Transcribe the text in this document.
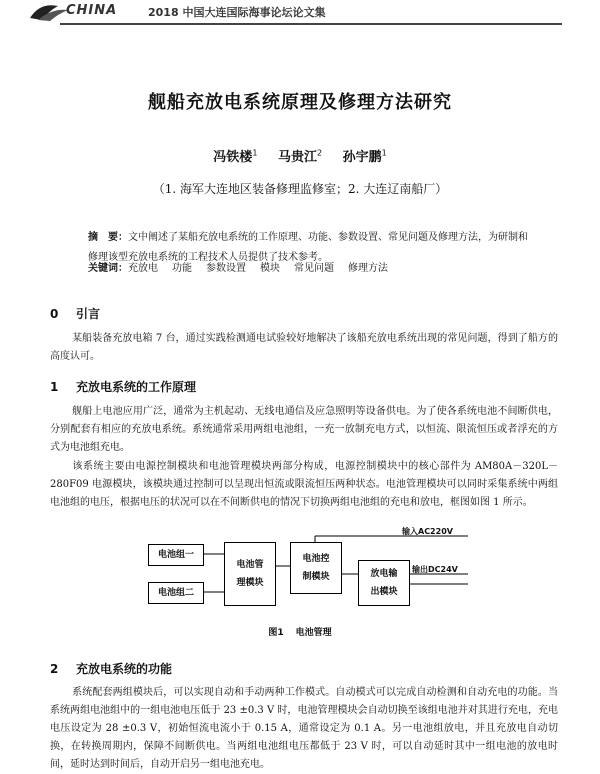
CHINA	2018 中国大连国际海事论坛论文集
舰船充放电系统原理及修理方法研究
冯铁楼$^1$ 马贵江$^2$ 孙宇鹏$^1$
（1. 海军大连地区装备修理监修室；2. 大连辽南船厂）
摘　要：文中阐述了某船充放电系统的工作原理、功能、参数设置、常见问题及修理方法，为研制和修理该型充放电系统的工程技术人员提供了技术参考。
关键词：充放电 功能 参数设置 模块 常见问题 修理方法
0 引言
某船装备充放电箱 7 台，通过实践检测通电试验较好地解决了该船充放电系统出现的常见问题，得到了船方的高度认可。
1 充放电系统的工作原理
舰船上电池应用广泛，通常为主机起动、无线电通信及应急照明等设备供电。为了使各系统电池不间断供电，分别配套有相应的充放电系统。系统通常采用两组电池组，一充一放制充电方式，以恒流、限流恒压或者浮充的方式为电池组充电。
该系统主要由电源控制模块和电池管理模块两部分构成，电源控制模块中的核心部件为 AM80A－320L－280F09 电源模块，该模块通过控制可以呈现出恒流或限流恒压两种状态。电池管理模块可以同时采集系统中两组电池组的电压，根据电压的状况可以在不间断供电的情况下切换两组电池组的充电和放电，框图如图 1 所示。
电池组一
电池组二
电池管
理模块
电池控
制模块	放电输
出模块
输入AC220V
输出DC24V
图1 电池管理
2 充放电系统的功能
系统配套两组模块后，可以实现自动和手动两种工作模式。自动模式可以完成自动检测和自动充电的功能。当系统两组电池组中的一组电池电压低于 23 ±0.3 V 时，电池管理模块会自动切换至该组电池并对其进行充电，充电电压设定为 28 ±0.3 V，初始恒流电流小于 0.15 A，通常设定为 0.1 A。另一电池组放电，并且充放电自动切换，在转换周期内，保障不间断供电。当两组电池组电压都低于 23 V 时，可以自动延时其中一组电池的放电时间，延时达到时间后，自动开启另一组电池充电。
